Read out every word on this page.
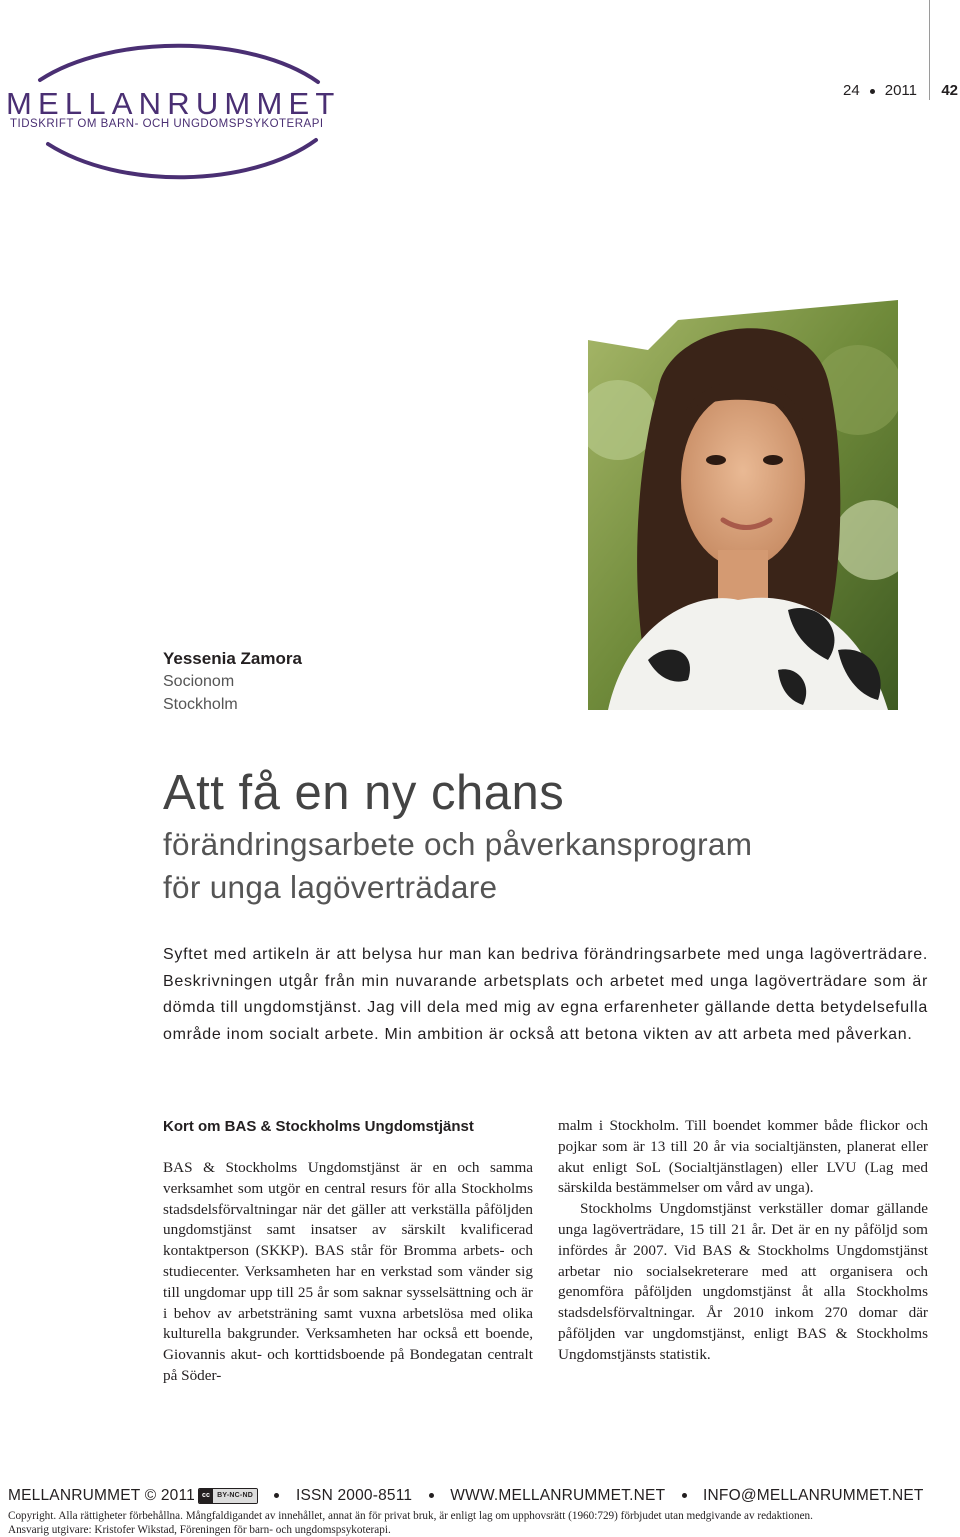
MELLANRUMMET
TIDSKRIFT OM BARN- OCH UNGDOMSPSYKOTERAPI
24 2011 42
Yessenia Zamora
Socionom
Stockholm
Att få en ny chans
förändringsarbete och påverkansprogram
för unga lagöverträdare
Syftet med artikeln är att belysa hur man kan bedriva förändringsarbete med unga lagöverträdare. Beskrivningen utgår från min nuvarande arbetsplats och arbetet med unga lagöverträdare som är dömda till ungdomstjänst. Jag vill dela med mig av egna erfarenheter gällande detta betydelsefulla område inom socialt arbete. Min ambition är också att betona vikten av att arbeta med påverkan.
Kort om BAS & Stockholms Ungdomstjänst

BAS & Stockholms Ungdomstjänst är en och samma verksamhet som utgör en central resurs för alla Stockholms stadsdelsförvaltningar när det gäller att verkställa påföljden ungdomstjänst samt insatser av särskilt kvalificerad kontaktperson (SKKP). BAS står för Bromma arbets- och studiecenter. Verksamheten har en verkstad som vänder sig till ungdomar upp till 25 år som saknar sysselsättning och är i behov av arbetsträning samt vuxna arbetslösa med olika kulturella bakgrunder. Verksamheten har också ett boende, Giovannis akut- och korttidsboende på Bondegatan centralt på Söder-

malm i Stockholm. Till boendet kommer både flickor och pojkar som är 13 till 20 år via socialtjänsten, planerat eller akut enligt SoL (Socialtjänstlagen) eller LVU (Lag med särskilda bestämmelser om vård av unga).

Stockholms Ungdomstjänst verkställer domar gällande unga lagöverträdare, 15 till 21 år. Det är en ny påföljd som infördes år 2007. Vid BAS & Stockholms Ungdomstjänst arbetar nio socialsekreterare med att organisera och genomföra påföljden ungdomstjänst åt alla Stockholms stadsdelsförvaltningar. År 2010 inkom 270 domar där påföljden var ungdomstjänst, enligt BAS & Stockholms Ungdomstjänsts statistik.

MELLANRUMMET © 2011 cc BY-NC-ND	ISSN 2000-8511 WWW.MELLANRUMMET.NET INFO@MELLANRUMMET.NET
Copyright. Alla rättigheter förbehållna. Mångfaldigandet av innehållet, annat än för privat bruk, är enligt lag om upphovsrätt (1960:729) förbjudet utan medgivande av redaktionen.
Ansvarig utgivare: Kristofer Wikstad, Föreningen för barn- och ungdomspsykoterapi.
